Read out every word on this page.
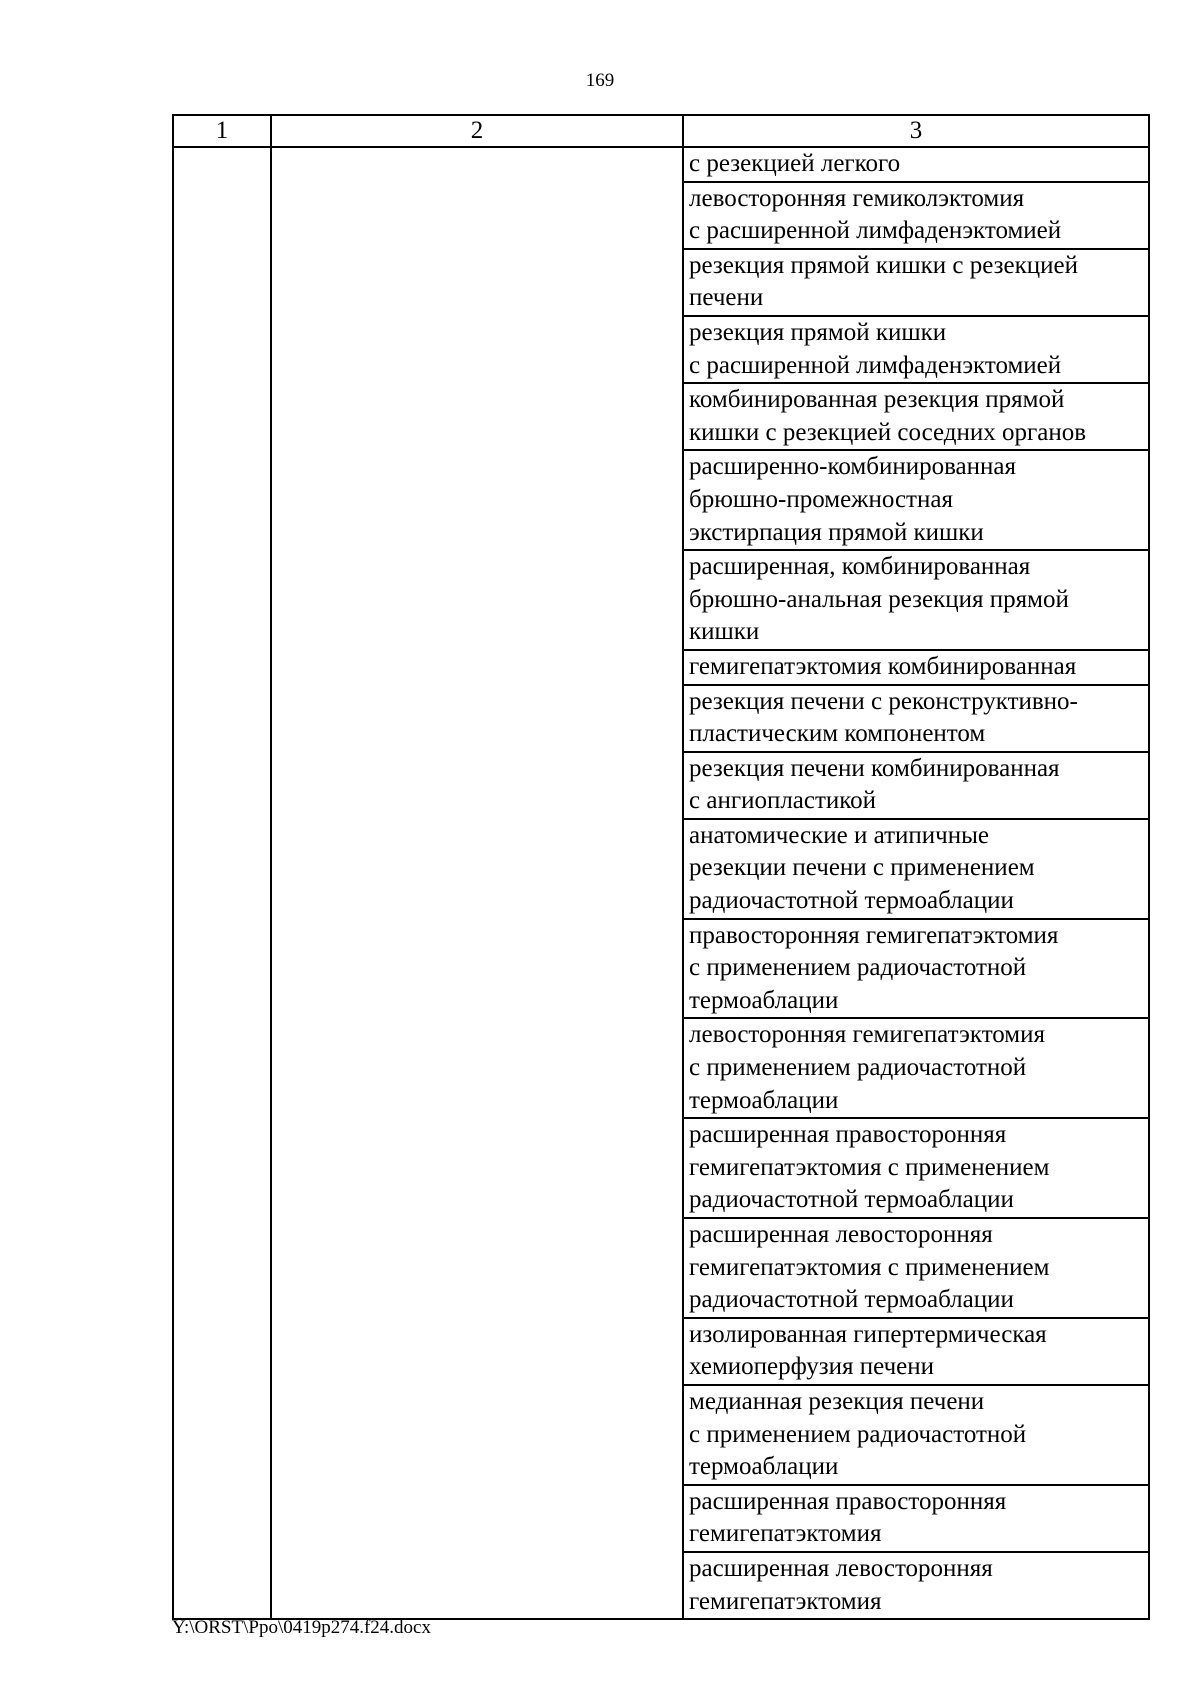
169
1	2	3
		с резекцией легкого
		левосторонняя гемиколэктомия
с расширенной лимфаденэктомией
		резекция прямой кишки с резекцией
печени
		резекция прямой кишки
с расширенной лимфаденэктомией
		комбинированная резекция прямой
кишки с резекцией соседних органов
		расширенно-комбинированная
брюшно-промежностная
экстирпация прямой кишки
		расширенная, комбинированная
брюшно-анальная резекция прямой
кишки
		гемигепатэктомия комбинированная
		резекция печени с реконструктивно-
пластическим компонентом
		резекция печени комбинированная
с ангиопластикой
		анатомические и атипичные
резекции печени с применением
радиочастотной термоаблации
		правосторонняя гемигепатэктомия
с применением радиочастотной
термоаблации
		левосторонняя гемигепатэктомия
с применением радиочастотной
термоаблации
		расширенная правосторонняя
гемигепатэктомия с применением
радиочастотной термоаблации
		расширенная левосторонняя
гемигепатэктомия с применением
радиочастотной термоаблации
		изолированная гипертермическая
хемиоперфузия печени
		медианная резекция печени
с применением радиочастотной
термоаблации
		расширенная правосторонняя
гемигепатэктомия
		расширенная левосторонняя
гемигепатэктомия
Y:\ORST\Ppo\0419p274.f24.docx
